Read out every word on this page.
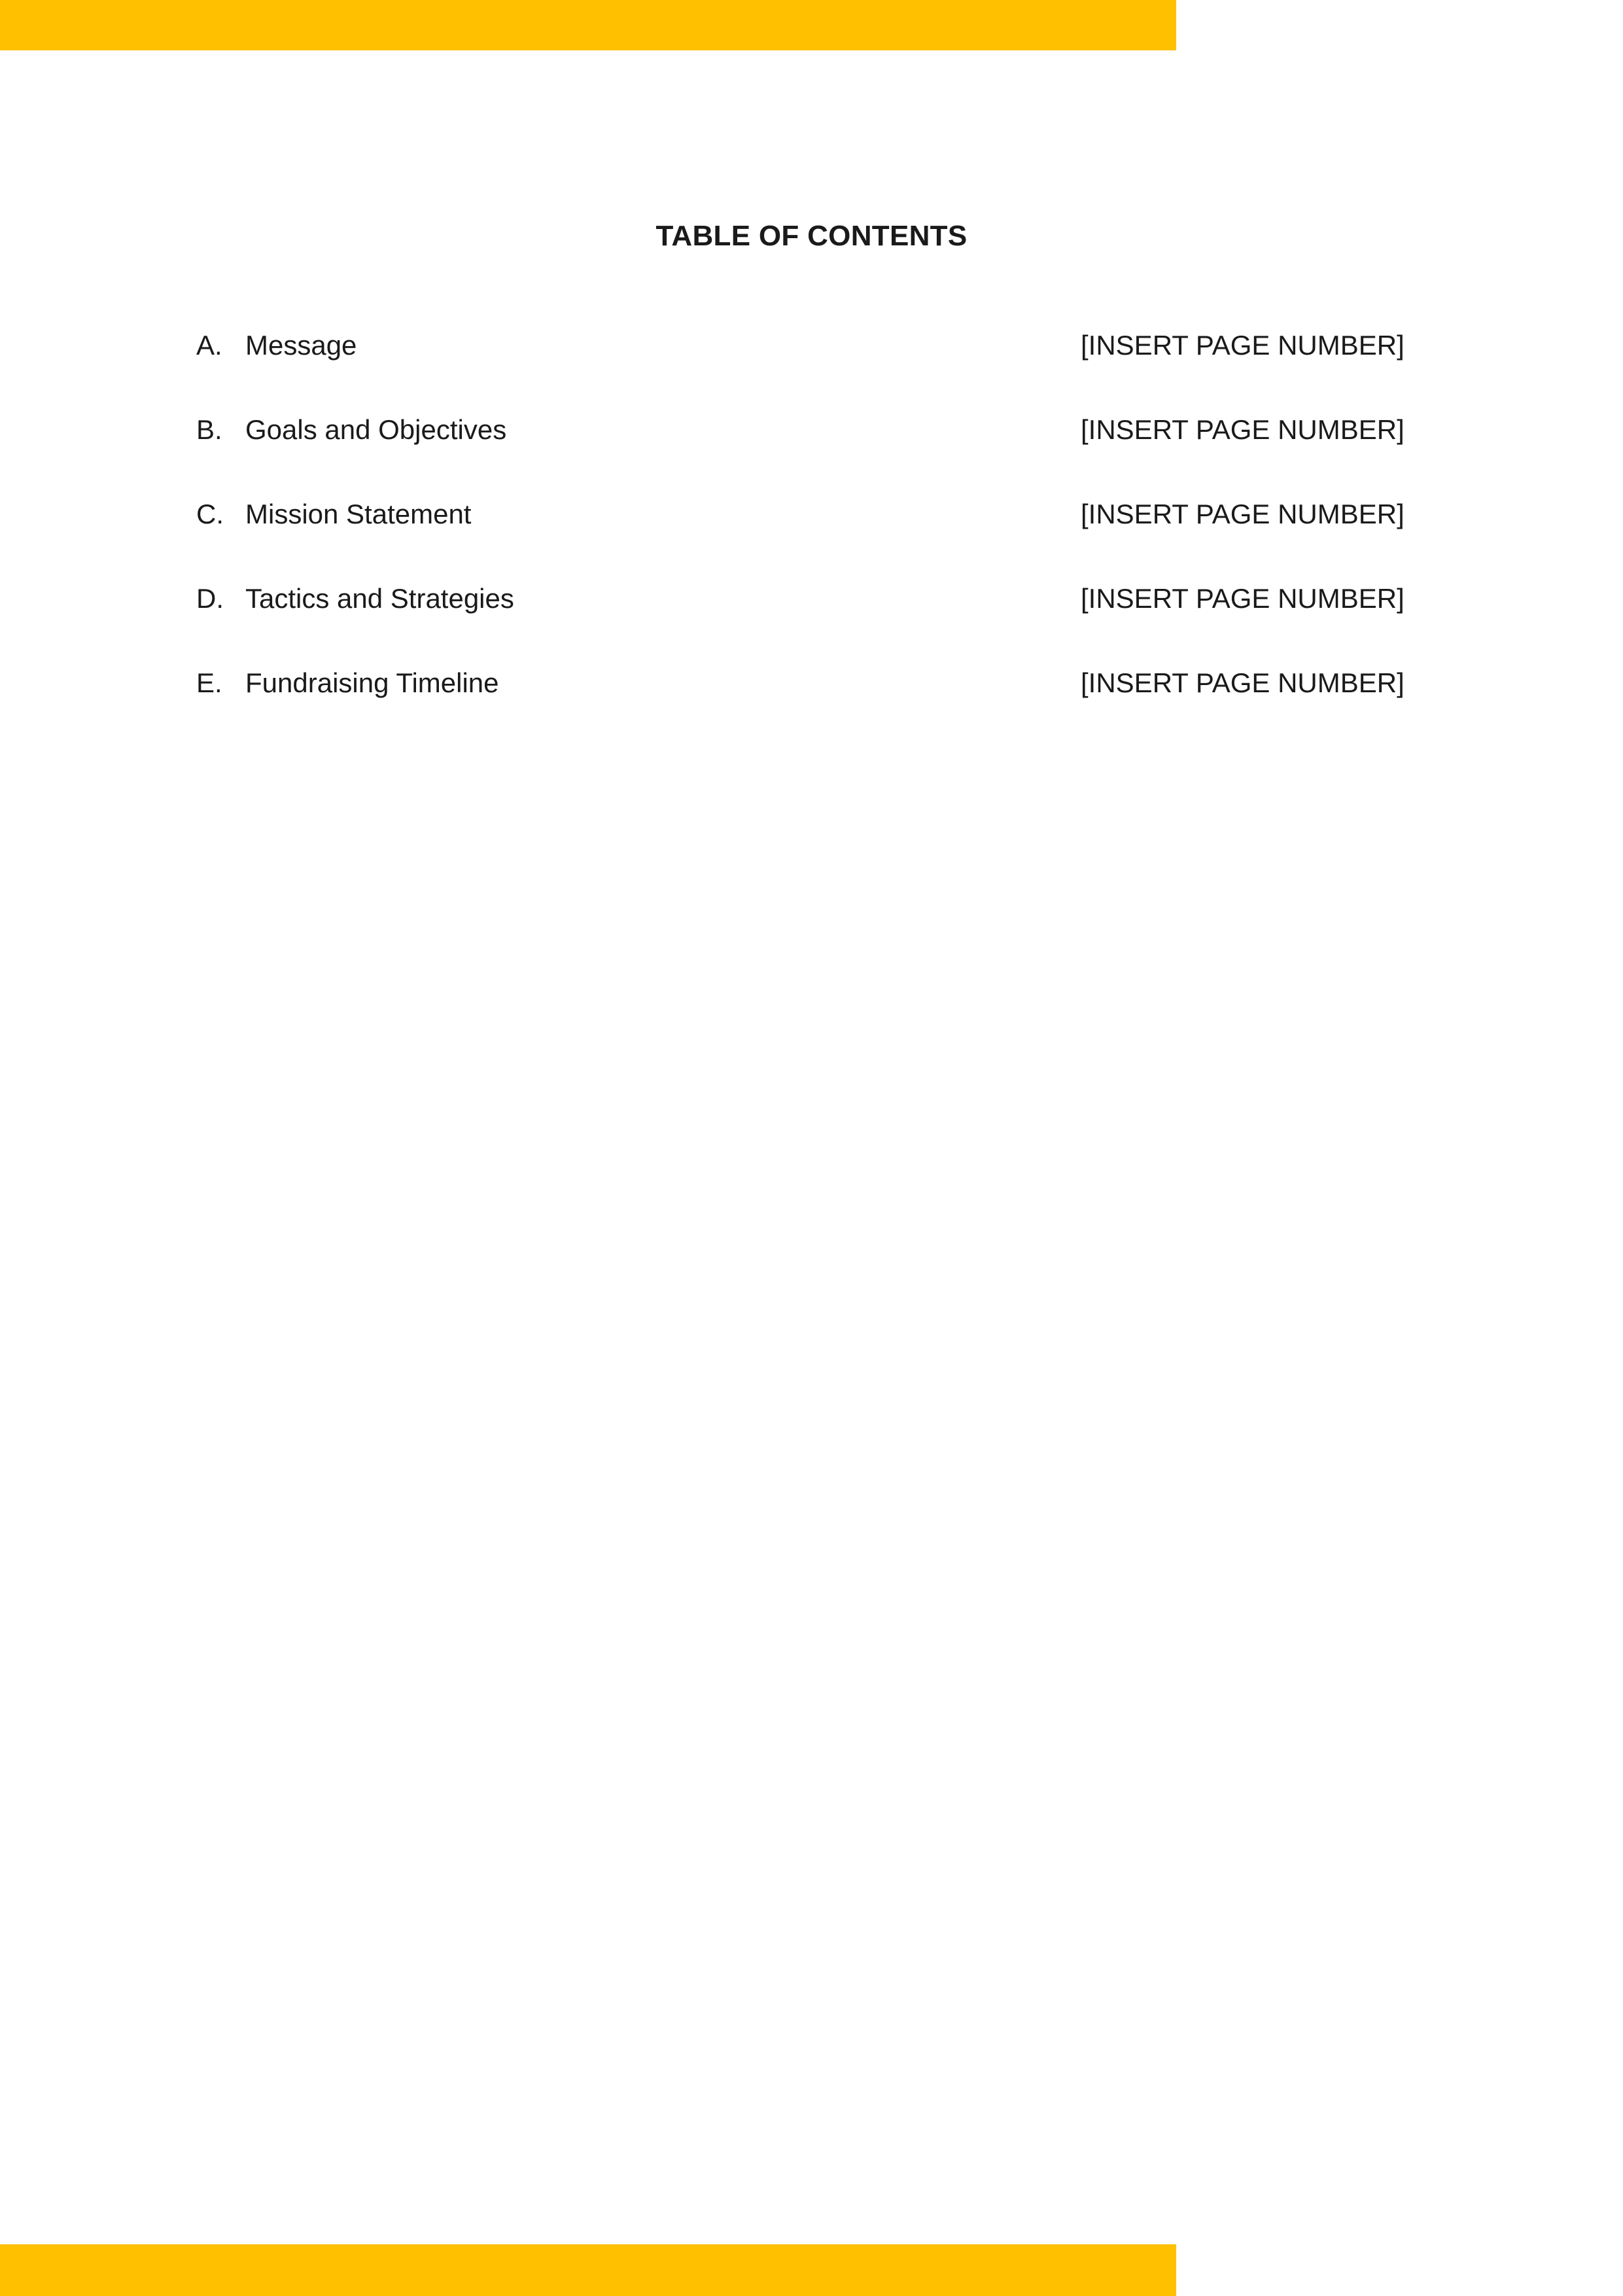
TABLE OF CONTENTS
A. Message	[INSERT PAGE NUMBER]
B. Goals and Objectives	[INSERT PAGE NUMBER]
C. Mission Statement	[INSERT PAGE NUMBER]
D. Tactics and Strategies	[INSERT PAGE NUMBER]
E. Fundraising Timeline	[INSERT PAGE NUMBER]
